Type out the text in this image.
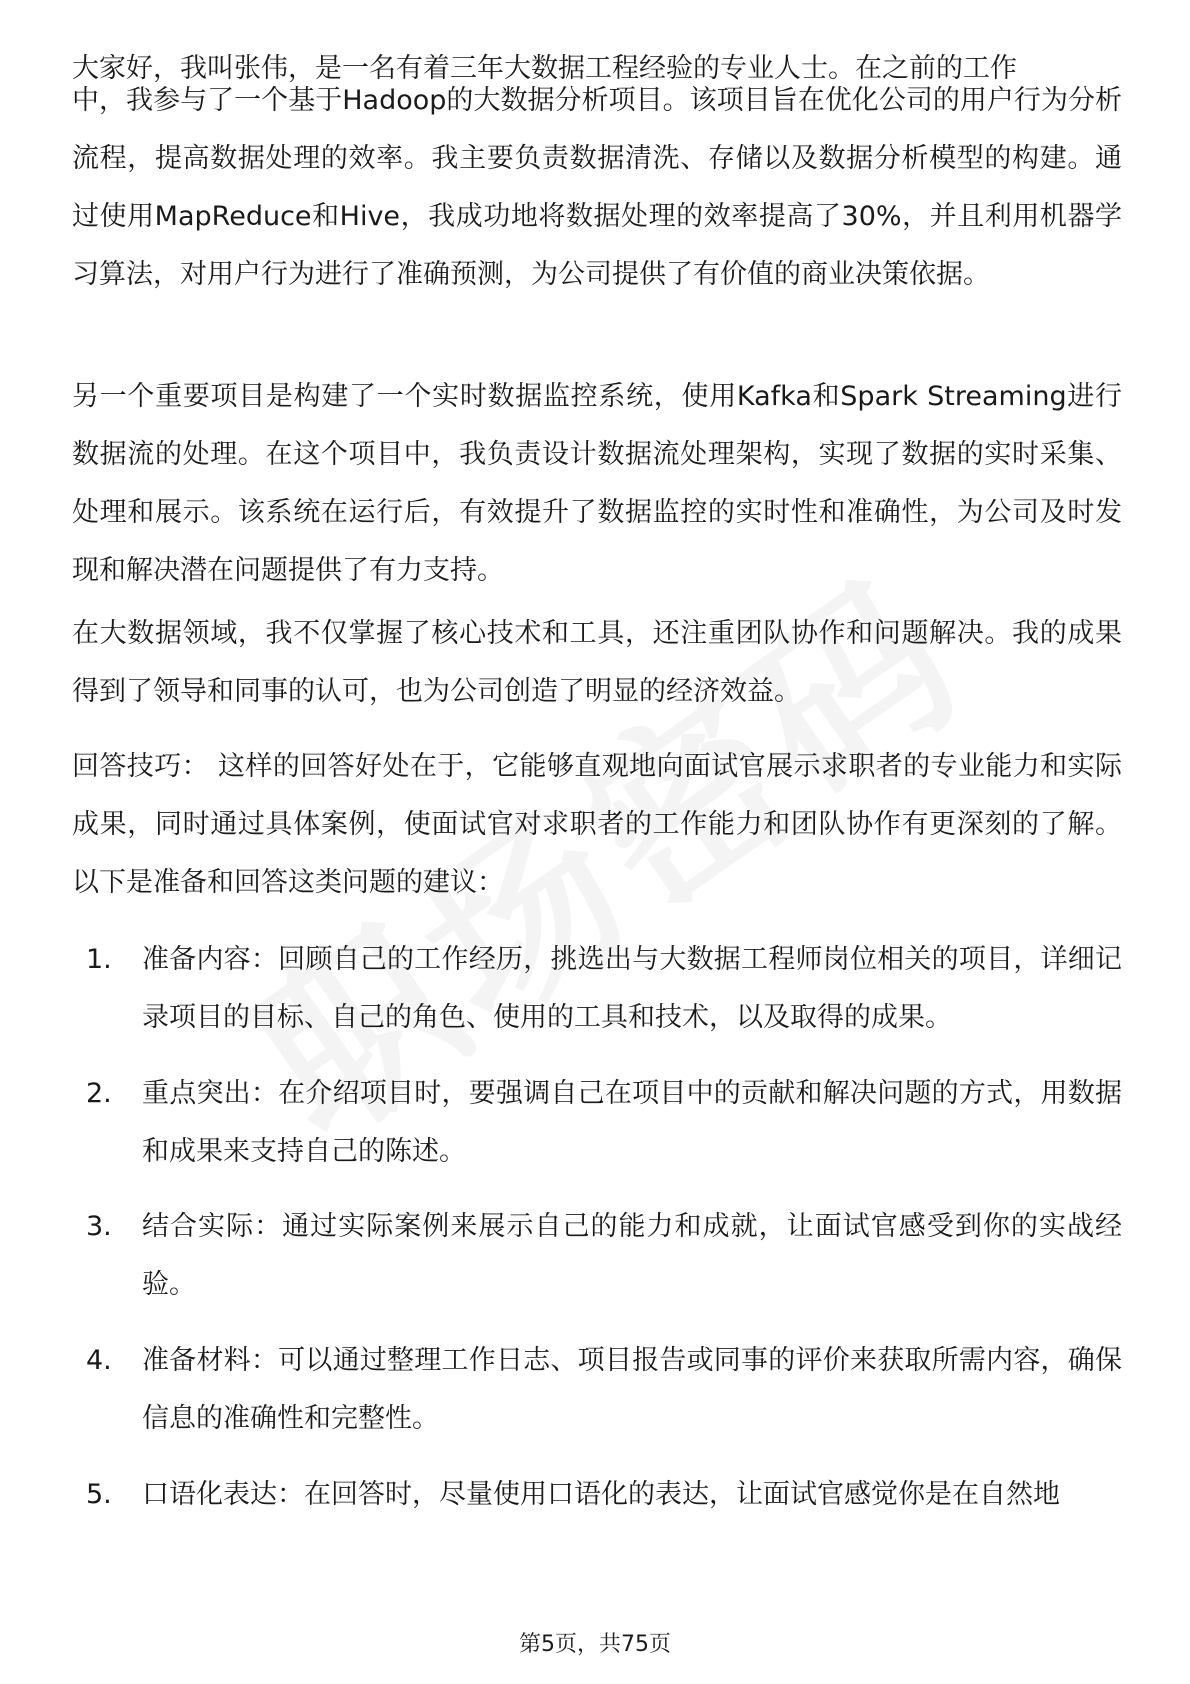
大家好，我叫张伟，是一名有着三年大数据工程经验的专业人士。在之前的工作

中，我参与了一个基于Hadoop的大数据分析项目。该项目旨在优化公司的用户行为分析流程，提高数据处理的效率。我主要负责数据清洗、存储以及数据分析模型的构建。通过使用MapReduce和Hive，我成功地将数据处理的效率提高了30%，并且利用机器学习算法，对用户行为进行了准确预测，为公司提供了有价值的商业决策依据。

另一个重要项目是构建了一个实时数据监控系统，使用Kafka和Spark Streaming进行数据流的处理。在这个项目中，我负责设计数据流处理架构，实现了数据的实时采集、处理和展示。该系统在运行后，有效提升了数据监控的实时性和准确性，为公司及时发现和解决潜在问题提供了有力支持。

在大数据领域，我不仅掌握了核心技术和工具，还注重团队协作和问题解决。我的成果得到了领导和同事的认可，也为公司创造了明显的经济效益。

回答技巧： 这样的回答好处在于，它能够直观地向面试官展示求职者的专业能力和实际成果，同时通过具体案例，使面试官对求职者的工作能力和团队协作有更深刻的了解。以下是准备和回答这类问题的建议：

1.	准备内容：回顾自己的工作经历，挑选出与大数据工程师岗位相关的项目，详细记录项目的目标、自己的角色、使用的工具和技术，以及取得的成果。
2.	重点突出：在介绍项目时，要强调自己在项目中的贡献和解决问题的方式，用数据和成果来支持自己的陈述。
3.	结合实际：通过实际案例来展示自己的能力和成就，让面试官感受到你的实战经验。
4.	准备材料：可以通过整理工作日志、项目报告或同事的评价来获取所需内容，确保信息的准确性和完整性。
5.	口语化表达：在回答时，尽量使用口语化的表达，让面试官感觉你是在自然地
第5页，共75页
